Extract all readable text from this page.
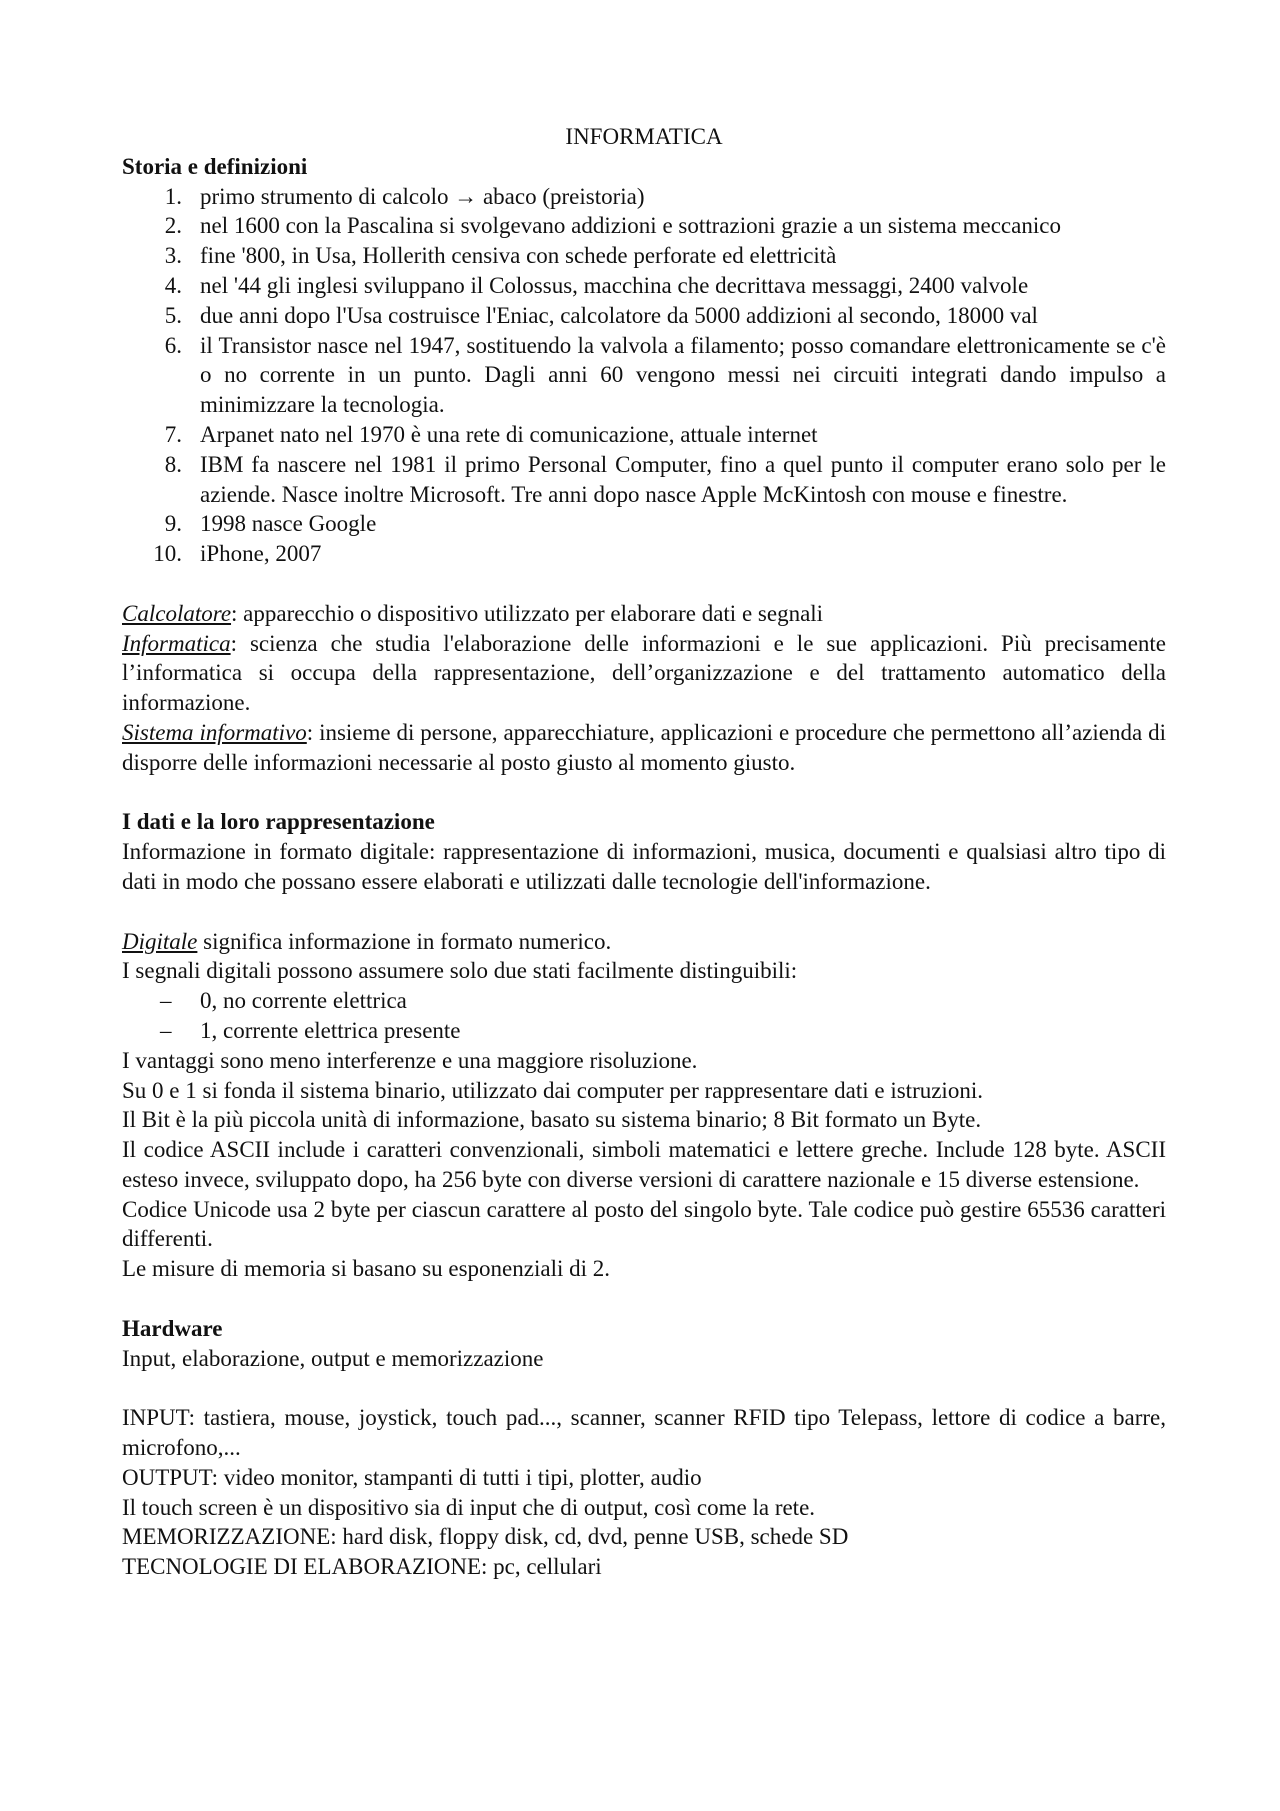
INFORMATICA
Storia e definizioni
1. primo strumento di calcolo → abaco (preistoria)
2. nel 1600 con la Pascalina si svolgevano addizioni e sottrazioni grazie a un sistema meccanico
3. fine '800, in Usa, Hollerith censiva con schede perforate ed elettricità
4. nel '44 gli inglesi sviluppano il Colossus, macchina che decrittava messaggi, 2400 valvole
5. due anni dopo l'Usa costruisce l'Eniac, calcolatore da 5000 addizioni al secondo, 18000 val
6. il Transistor nasce nel 1947, sostituendo la valvola a filamento; posso comandare elettronicamente se c'è o no corrente in un punto. Dagli anni 60 vengono messi nei circuiti integrati dando impulso a minimizzare la tecnologia.
7. Arpanet nato nel 1970 è una rete di comunicazione, attuale internet
8. IBM fa nascere nel 1981 il primo Personal Computer, fino a quel punto il computer erano solo per le aziende. Nasce inoltre Microsoft. Tre anni dopo nasce Apple McKintosh con mouse e finestre.
9. 1998 nasce Google
10. iPhone, 2007

Calcolatore: apparecchio o dispositivo utilizzato per elaborare dati e segnali

Informatica: scienza che studia l'elaborazione delle informazioni e le sue applicazioni. Più precisamente l’informatica si occupa della rappresentazione, dell’organizzazione e del trattamento automatico della informazione.

Sistema informativo: insieme di persone, apparecchiature, applicazioni e procedure che permettono all’azienda di disporre delle informazioni necessarie al posto giusto al momento giusto.

I dati e la loro rappresentazione

Informazione in formato digitale: rappresentazione di informazioni, musica, documenti e qualsiasi altro tipo di dati in modo che possano essere elaborati e utilizzati dalle tecnologie dell'informazione.

Digitale significa informazione in formato numerico.

I segnali digitali possono assumere solo due stati facilmente distinguibili:

– 0, no corrente elettrica
– 1, corrente elettrica presente

I vantaggi sono meno interferenze e una maggiore risoluzione.

Su 0 e 1 si fonda il sistema binario, utilizzato dai computer per rappresentare dati e istruzioni.

Il Bit è la più piccola unità di informazione, basato su sistema binario; 8 Bit formato un Byte.

Il codice ASCII include i caratteri convenzionali, simboli matematici e lettere greche. Include 128 byte. ASCII esteso invece, sviluppato dopo, ha 256 byte con diverse versioni di carattere nazionale e 15 diverse estensione.

Codice Unicode usa 2 byte per ciascun carattere al posto del singolo byte. Tale codice può gestire 65536 caratteri differenti.

Le misure di memoria si basano su esponenziali di 2.

Hardware

Input, elaborazione, output e memorizzazione

INPUT: tastiera, mouse, joystick, touch pad..., scanner, scanner RFID tipo Telepass, lettore di codice a barre, microfono,...

OUTPUT: video monitor, stampanti di tutti i tipi, plotter, audio

Il touch screen è un dispositivo sia di input che di output, così come la rete.

MEMORIZZAZIONE: hard disk, floppy disk, cd, dvd, penne USB, schede SD

TECNOLOGIE DI ELABORAZIONE: pc, cellulari
